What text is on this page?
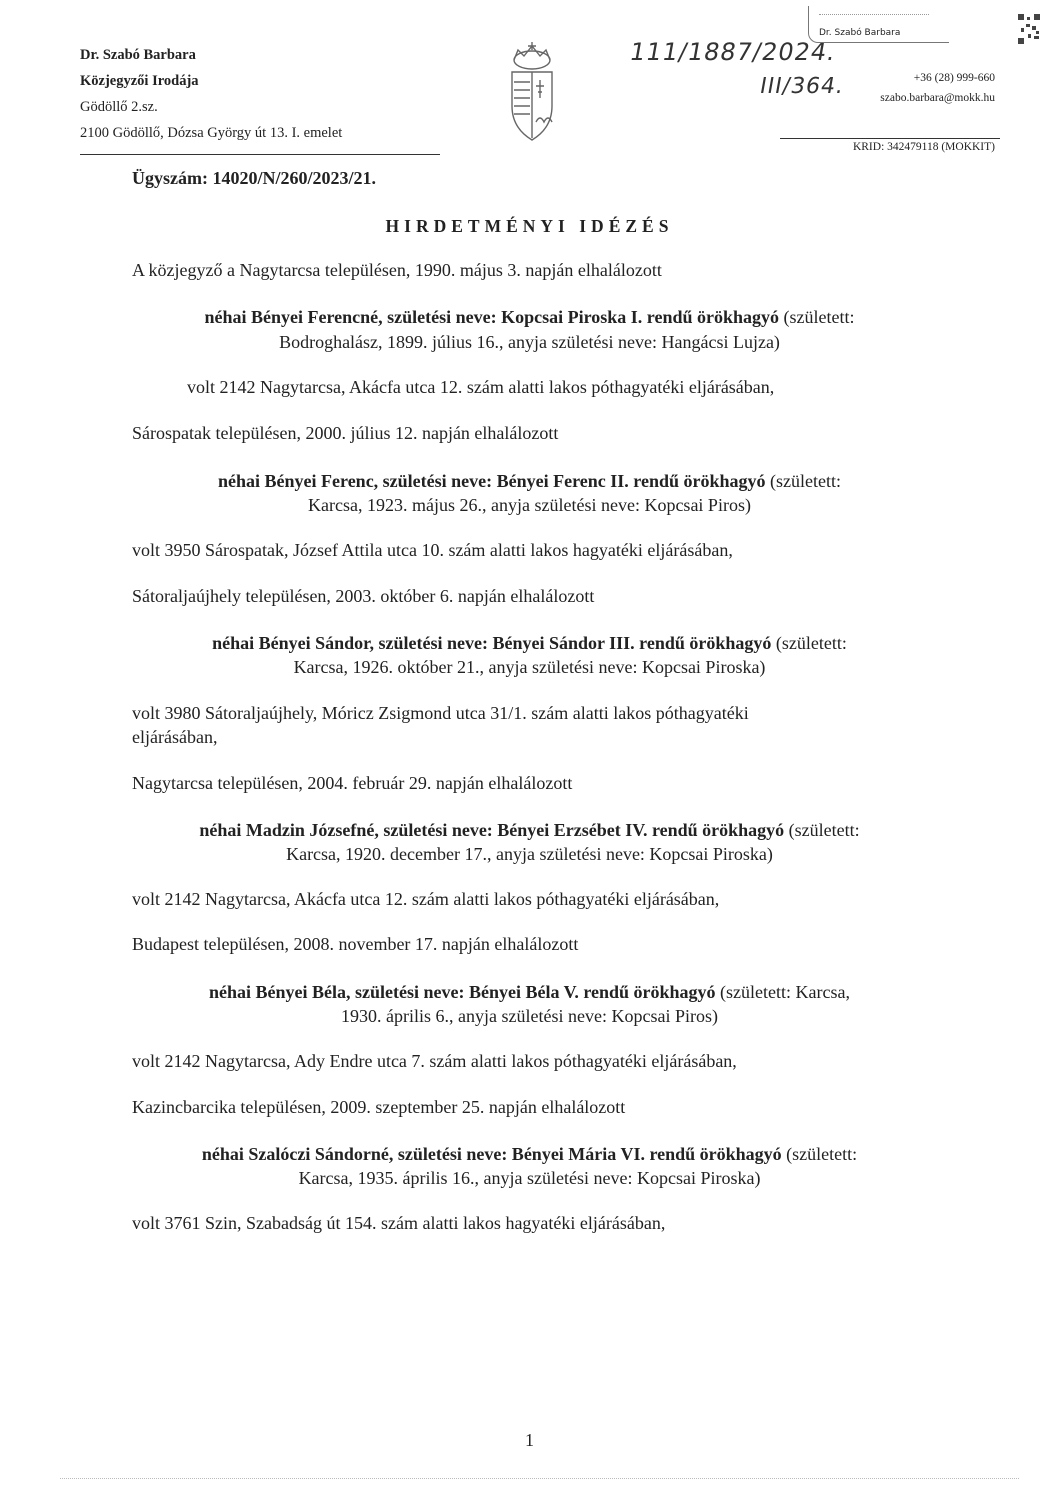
Dr. Szabó Barbara
Közjegyzői Irodája
Gödöllő 2.sz.
2100 Gödöllő, Dózsa György út 13. I. emelet
111/1887/2024.
III/364.
Dr. Szabó Barbara
+36 (28) 999-660
szabo.barbara@mokk.hu
KRID: 342479118 (MOKKIT)
Ügyszám: 14020/N/260/2023/21.
HIRDETMÉNYI IDÉZÉS
A közjegyző a Nagytarcsa településen, 1990. május 3. napján elhalálozott
néhai Bényei Ferencné, születési neve: Kopcsai Piroska I. rendű örökhagyó (született:
Bodroghalász, 1899. július 16., anyja születési neve: Hangácsi Lujza)
volt 2142 Nagytarcsa, Akácfa utca 12. szám alatti lakos póthagyatéki eljárásában,
Sárospatak településen, 2000. július 12. napján elhalálozott
néhai Bényei Ferenc, születési neve: Bényei Ferenc II. rendű örökhagyó (született:
Karcsa, 1923. május 26., anyja születési neve: Kopcsai Piros)
volt 3950 Sárospatak, József Attila utca 10. szám alatti lakos hagyatéki eljárásában,
Sátoraljaújhely településen, 2003. október 6. napján elhalálozott
néhai Bényei Sándor, születési neve: Bényei Sándor III. rendű örökhagyó (született:
Karcsa, 1926. október 21., anyja születési neve: Kopcsai Piroska)
volt 3980 Sátoraljaújhely, Móricz Zsigmond utca 31/1. szám alatti lakos póthagyatéki
eljárásában,
Nagytarcsa településen, 2004. február 29. napján elhalálozott
néhai Madzin Józsefné, születési neve: Bényei Erzsébet IV. rendű örökhagyó (született:
Karcsa, 1920. december 17., anyja születési neve: Kopcsai Piroska)
volt 2142 Nagytarcsa, Akácfa utca 12. szám alatti lakos póthagyatéki eljárásában,
Budapest településen, 2008. november 17. napján elhalálozott
néhai Bényei Béla, születési neve: Bényei Béla V. rendű örökhagyó (született: Karcsa,
1930. április 6., anyja születési neve: Kopcsai Piros)
volt 2142 Nagytarcsa, Ady Endre utca 7. szám alatti lakos póthagyatéki eljárásában,
Kazincbarcika településen, 2009. szeptember 25. napján elhalálozott
néhai Szalóczi Sándorné, születési neve: Bényei Mária VI. rendű örökhagyó (született:
Karcsa, 1935. április 16., anyja születési neve: Kopcsai Piroska)
volt 3761 Szin, Szabadság út 154. szám alatti lakos hagyatéki eljárásában,
1
